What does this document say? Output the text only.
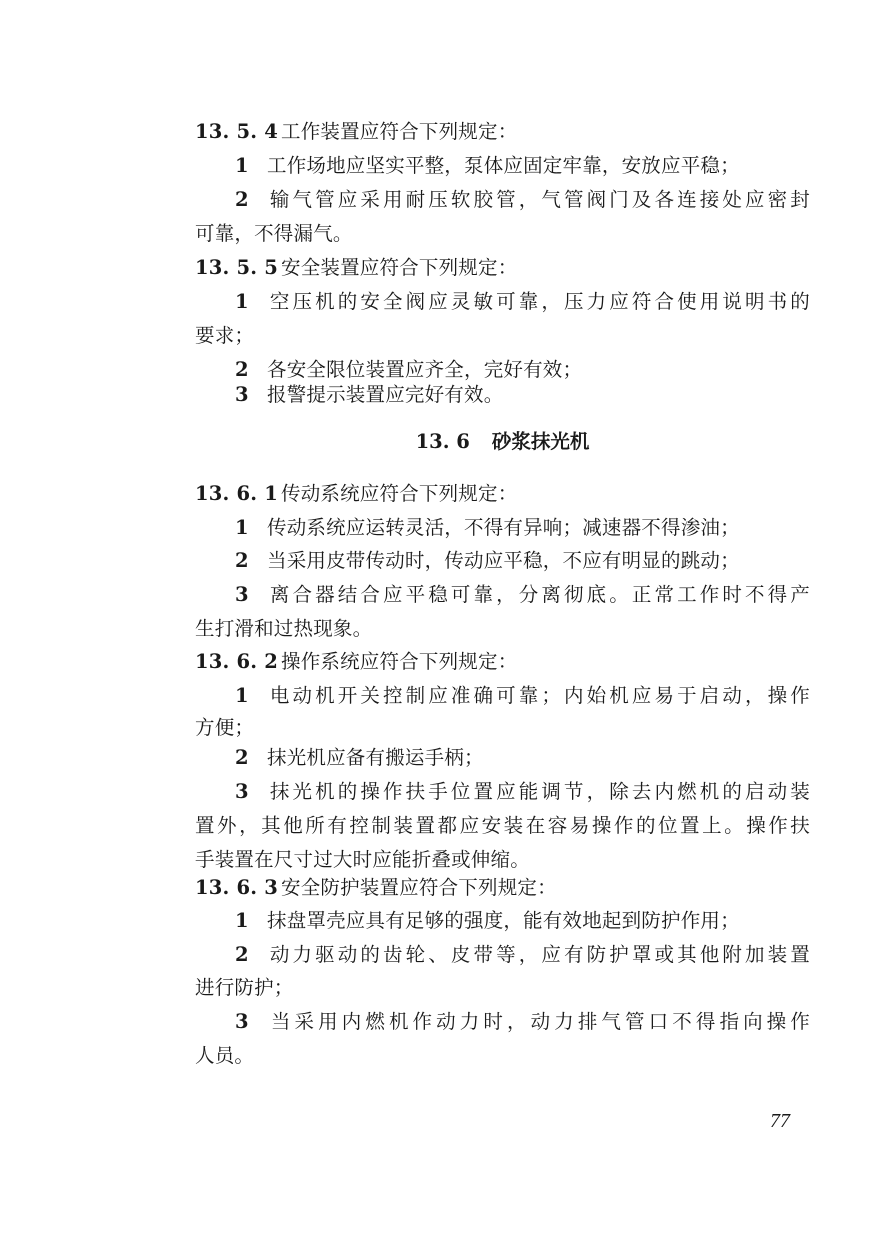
13. 5. 4 工作装置应符合下列规定：
1 工作场地应坚实平整，泵体应固定牢靠，安放应平稳；
2 输气管应采用耐压软胶管，气管阀门及各连接处应密封
可靠，不得漏气。
13. 5. 5 安全装置应符合下列规定：
1 空压机的安全阀应灵敏可靠，压力应符合使用说明书的
要求；
2 各安全限位装置应齐全，完好有效；
3 报警提示装置应完好有效。
13. 6 砂浆抹光机
13. 6. 1 传动系统应符合下列规定：
1 传动系统应运转灵活，不得有异响；减速器不得渗油；
2 当采用皮带传动时，传动应平稳，不应有明显的跳动；
3 离合器结合应平稳可靠，分离彻底。正常工作时不得产
生打滑和过热现象。
13. 6. 2 操作系统应符合下列规定：
1 电动机开关控制应准确可靠；内始机应易于启动，操作
方便；
2 抹光机应备有搬运手柄；
3 抹光机的操作扶手位置应能调节，除去内燃机的启动装
置外，其他所有控制装置都应安装在容易操作的位置上。操作扶
手装置在尺寸过大时应能折叠或伸缩。
13. 6. 3 安全防护装置应符合下列规定：
1 抹盘罩壳应具有足够的强度，能有效地起到防护作用；
2 动力驱动的齿轮、皮带等，应有防护罩或其他附加装置
进行防护；
3 当采用内燃机作动力时，动力排气管口不得指向操作
人员。
77
